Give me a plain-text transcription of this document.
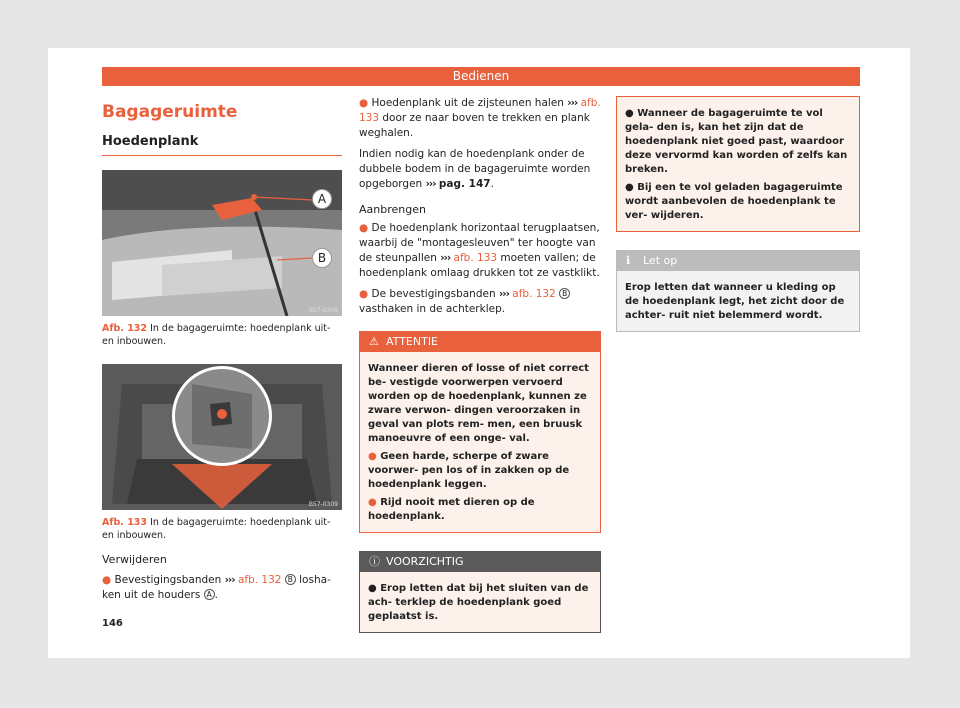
Bedienen
Bagageruimte
Hoedenplank
A
B
B57-0308
Afb. 132 In de bagageruimte: hoedenplank uit- en inbouwen.
B57-0309
Afb. 133 In de bagageruimte: hoedenplank uit- en inbouwen.

Verwijderen

● Bevestigingsbanden ››› afb. 132 B losha- ken uit de houders A .

146

● Hoedenplank uit de zijsteunen halen ››› afb. 133 door ze naar boven te trekken en plank weghalen.

Indien nodig kan de hoedenplank onder de dubbele bodem in de bagageruimte worden opgeborgen ››› pag. 147.

Aanbrengen

● De hoedenplank horizontaal terugplaatsen, waarbij de "montagesleuven" ter hoogte van de steunpallen ››› afb. 133 moeten vallen; de hoedenplank omlaag drukken tot ze vastklikt.

● De bevestigingsbanden ››› afb. 132 B vasthaken in de achterklep.

⚠ ATTENTIE

Wanneer dieren of losse of niet correct be- vestigde voorwerpen vervoerd worden op de hoedenplank, kunnen ze zware verwon- dingen veroorzaken in geval van plots rem- men, een bruusk manoeuvre of een onge- val.

● Geen harde, scherpe of zware voorwer- pen los of in zakken op de hoedenplank leggen.

● Rijd nooit met dieren op de hoedenplank.

ⓘ VOORZICHTIG

● Erop letten dat bij het sluiten van de ach- terklep de hoedenplank goed geplaatst is.

● Wanneer de bagageruimte te vol gela- den is, kan het zijn dat de hoedenplank niet goed past, waardoor deze vervormd kan worden of zelfs kan breken.

● Bij een te vol geladen bagageruimte wordt aanbevolen de hoedenplank te ver- wijderen.

ℹ Let op

Erop letten dat wanneer u kleding op de hoedenplank legt, het zicht door de achter- ruit niet belemmerd wordt.
